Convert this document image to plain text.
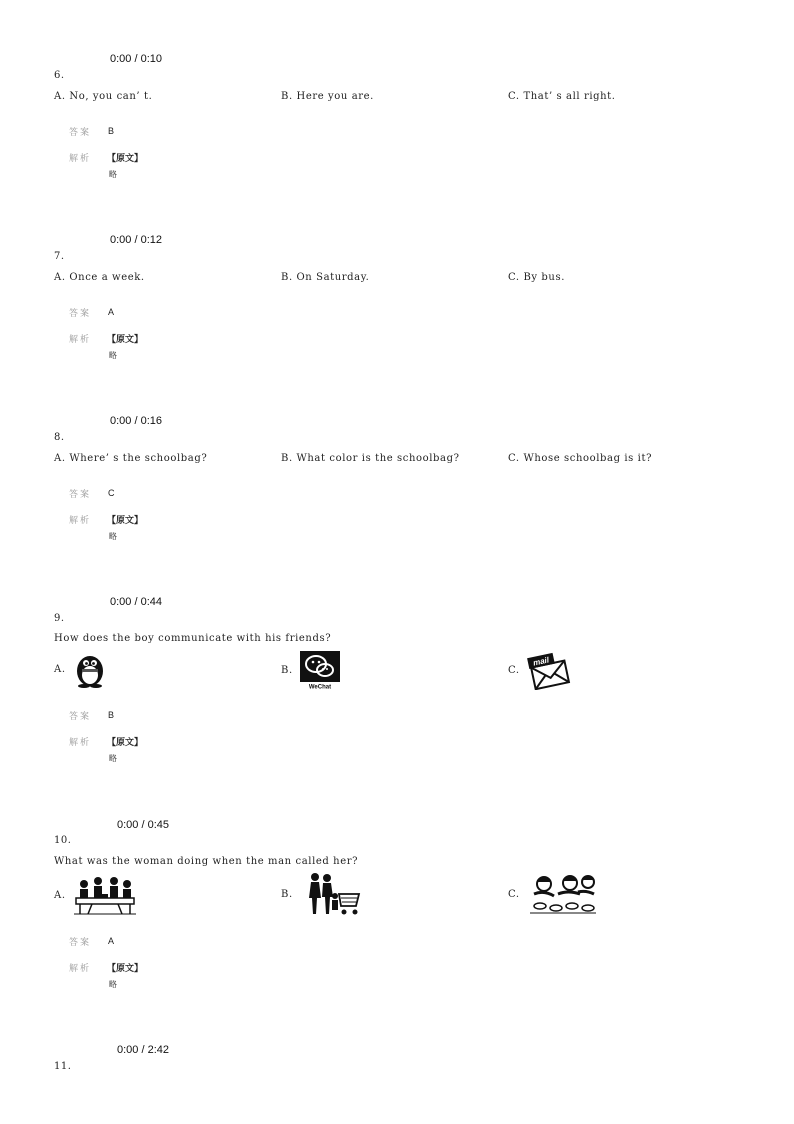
0:00 / 0:10
6.
A. No, you can’ t.	B. Here you are.	C. That’ s all right.
答案 B
解析 【原文】
略
0:00 / 0:12
7.
A. Once a week.	B. On Saturday.	C. By bus.
答案 A
解析 【原文】
略
0:00 / 0:16
8.
A. Where’ s the schoolbag?	B. What color is the schoolbag?	C. Whose schoolbag is it?
答案 C
解析 【原文】
略
0:00 / 0:44
9.
How does the boy communicate with his friends?
A.	B.
WeChat
C.
mail
答案 B
解析 【原文】
略
0:00 / 0:45
10.
What was the woman doing when the man called her?
A.	B.	C.
答案 A
解析 【原文】
略
0:00 / 2:42
11.
